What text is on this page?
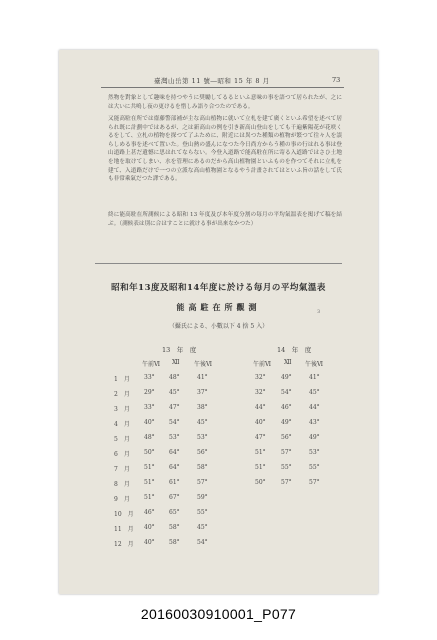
臺灣山岳第 11 號―昭和 15 年 8 月	73
然物を對象として趣味を持つやうに奨勵してるるといふ意味の事を語つて居られたが、之には大いに共鳴し夜の更けるを惜しみ語り合つたのである。
又能高駐在所では齋藤警部補が主な高山植物に就いて立札を建て廣くといふ希望を述べて居られ既に計劃中ではあるが、之は新高山の例を引き新高山登山をしても千遍紫陽花が花咲くるをして、立札の植物を探つて了ふために、附近には異つた種類の植物が繁つて往々人を誤らしめる事を述べて置いた。登山熱の盛んになつた今日尚方からう種の事の行はれる事は登山道路上甚だ遺憾に思はれてならない。今登入道路で能高駐在所に寄る入道路ではさひ土地を地を取けてしまい、水を管理にあるのだから高山植物園といふものを作つてそれに立札を建て、入道路だけで一つの立派な高山植物園となるやう計畫されてはといふ旨の話をして氏も非常乘氣だつた譯である。
終に能高駐在所測候による昭和 13 年度及び本年度分割の毎月の平均氣溫表を掲げて稿を結ぶ。（測候表は別に合はすことに就ける事が出來なかつた）
昭和年13度及昭和14年度に於ける毎月の平均氣溫表
能高駐在所觀測	з
（攝氏による、小數以下 4 捨 5 入）
13　年　度	14　年　度
午前Ⅵ Ⅻ 午後Ⅵ	午前Ⅵ Ⅻ 午後Ⅵ
1　月 33° 48°	41°	32°	49°	41°
2　月 29° 45°	37°	32°	54°	45°
3　月 33° 47°	38°	44°	46°	44°
4　月 40° 54°	45°	40°	49°	43°
5　月 48° 53°	53°	47°	56°	49°
6　月 50° 64°	56°	51°	57°	53°
7　月 51° 64°	58°	51°	55°	55°
8　月 51° 61°	57°	50°	57°	57°
9　月 51° 67°	59°
10　月 46° 65°	55°
11　月 40° 58°	45°
12　月 40° 58°	54°
20160030910001_P077
